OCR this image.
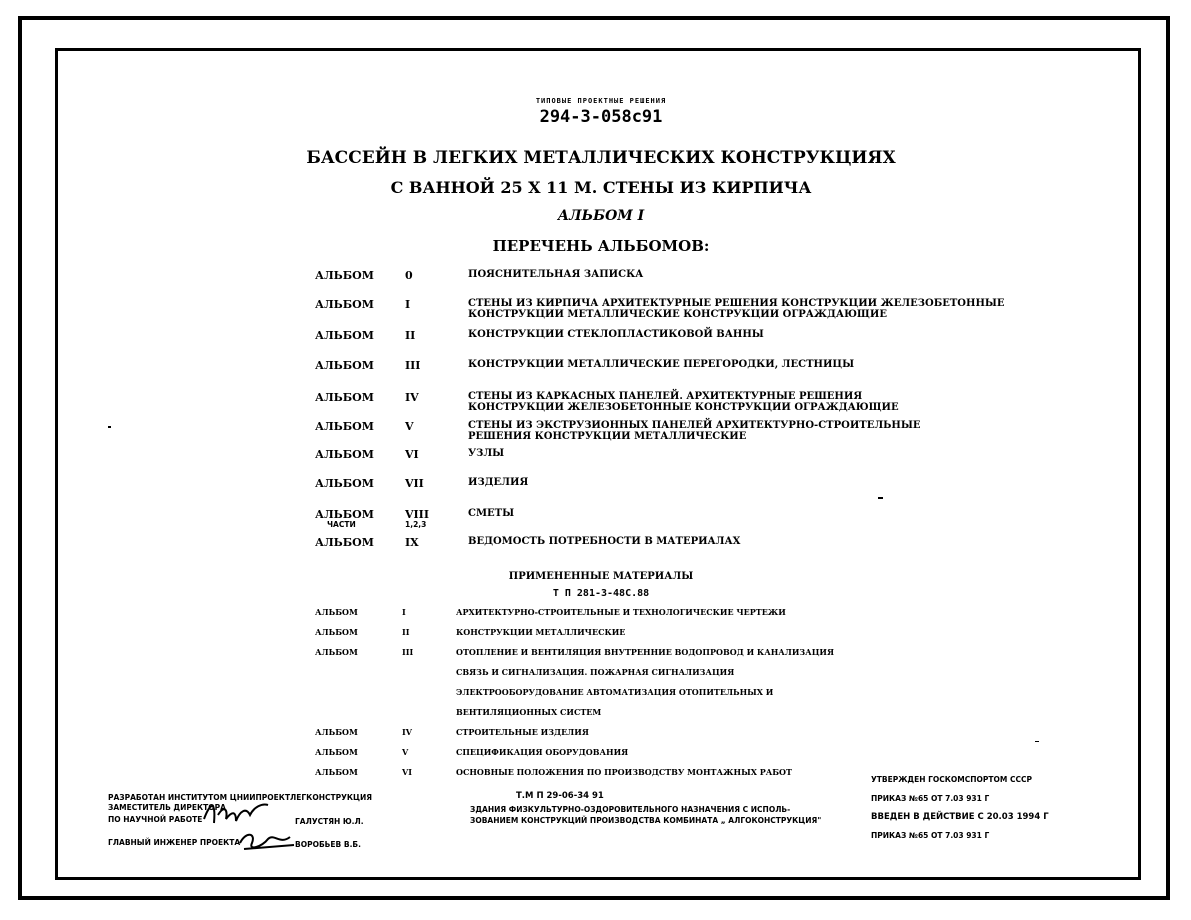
ТИПОВЫЕ ПРОЕКТНЫЕ РЕШЕНИЯ
294-3-058с91
БАССЕЙН В ЛЕГКИХ МЕТАЛЛИЧЕСКИХ КОНСТРУКЦИЯХ
С ВАННОЙ 25 Х 11 М. СТЕНЫ ИЗ КИРПИЧА
АЛЬБОМ I
ПЕРЕЧЕНЬ АЛЬБОМОВ:
АЛЬБОМ	0	ПОЯСНИТЕЛЬНАЯ ЗАПИСКА
АЛЬБОМ	I	СТЕНЫ ИЗ КИРПИЧА АРХИТЕКТУРНЫЕ РЕШЕНИЯ КОНСТРУКЦИИ ЖЕЛЕЗОБЕТОННЫЕ
КОНСТРУКЦИИ МЕТАЛЛИЧЕСКИЕ КОНСТРУКЦИИ ОГРАЖДАЮЩИЕ
АЛЬБОМ	II	КОНСТРУКЦИИ СТЕКЛОПЛАСТИКОВОЙ ВАННЫ
АЛЬБОМ	III	КОНСТРУКЦИИ МЕТАЛЛИЧЕСКИЕ ПЕРЕГОРОДКИ, ЛЕСТНИЦЫ
АЛЬБОМ	IV	СТЕНЫ ИЗ КАРКАСНЫХ ПАНЕЛЕЙ. АРХИТЕКТУРНЫЕ РЕШЕНИЯ
КОНСТРУКЦИИ ЖЕЛЕЗОБЕТОННЫЕ КОНСТРУКЦИИ ОГРАЖДАЮЩИЕ
АЛЬБОМ	V	СТЕНЫ ИЗ ЭКСТРУЗИОННЫХ ПАНЕЛЕЙ АРХИТЕКТУРНО-СТРОИТЕЛЬНЫЕ
РЕШЕНИЯ КОНСТРУКЦИИ МЕТАЛЛИЧЕСКИЕ
АЛЬБОМ	VI	УЗЛЫ
АЛЬБОМ	VII	ИЗДЕЛИЯ
АЛЬБОМ	VIII	СМЕТЫ
ЧАСТИ	1,2,3
АЛЬБОМ	IX	ВЕДОМОСТЬ ПОТРЕБНОСТИ В МАТЕРИАЛАХ
ПРИМЕНЕННЫЕ МАТЕРИАЛЫ
Т П 281-3-48С.88
АЛЬБОМ	I	АРХИТЕКТУРНО-СТРОИТЕЛЬНЫЕ И ТЕХНОЛОГИЧЕСКИЕ ЧЕРТЕЖИ
АЛЬБОМ	II	КОНСТРУКЦИИ МЕТАЛЛИЧЕСКИЕ
АЛЬБОМ	III	ОТОПЛЕНИЕ И ВЕНТИЛЯЦИЯ ВНУТРЕННИЕ ВОДОПРОВОД И КАНАЛИЗАЦИЯ
СВЯЗЬ И СИГНАЛИЗАЦИЯ. ПОЖАРНАЯ СИГНАЛИЗАЦИЯ
ЭЛЕКТРООБОРУДОВАНИЕ АВТОМАТИЗАЦИЯ ОТОПИТЕЛЬНЫХ И
ВЕНТИЛЯЦИОННЫХ СИСТЕМ
АЛЬБОМ	IV	СТРОИТЕЛЬНЫЕ ИЗДЕЛИЯ
АЛЬБОМ	V	СПЕЦИФИКАЦИЯ ОБОРУДОВАНИЯ
АЛЬБОМ	VI	ОСНОВНЫЕ ПОЛОЖЕНИЯ ПО ПРОИЗВОДСТВУ МОНТАЖНЫХ РАБОТ
Т.М П 29-06-34 91
ЗДАНИЯ ФИЗКУЛЬТУРНО-ОЗДОРОВИТЕЛЬНОГО НАЗНАЧЕНИЯ С ИСПОЛЬ-
ЗОВАНИЕМ КОНСТРУКЦИЙ ПРОИЗВОДСТВА КОМБИНАТА „ АЛГОКОНСТРУКЦИЯ"
РАЗРАБОТАН ИНСТИТУТОМ ЦНИИПРОЕКТЛЕГКОНСТРУКЦИЯ
ЗАМЕСТИТЕЛЬ ДИРЕКТОРА
ПО НАУЧНОЙ РАБОТЕ	ГАЛУСТЯН Ю.Л.
ГЛАВНЫЙ ИНЖЕНЕР ПРОЕКТА	ВОРОБЬЕВ В.Б.
УТВЕРЖДЕН ГОСКОМСПОРТОМ СССР
ПРИКАЗ №65 ОТ 7.03 931 Г
ВВЕДЕН В ДЕЙСТВИЕ С 20.03 1994 Г
ПРИКАЗ №65 ОТ 7.03 931 Г
